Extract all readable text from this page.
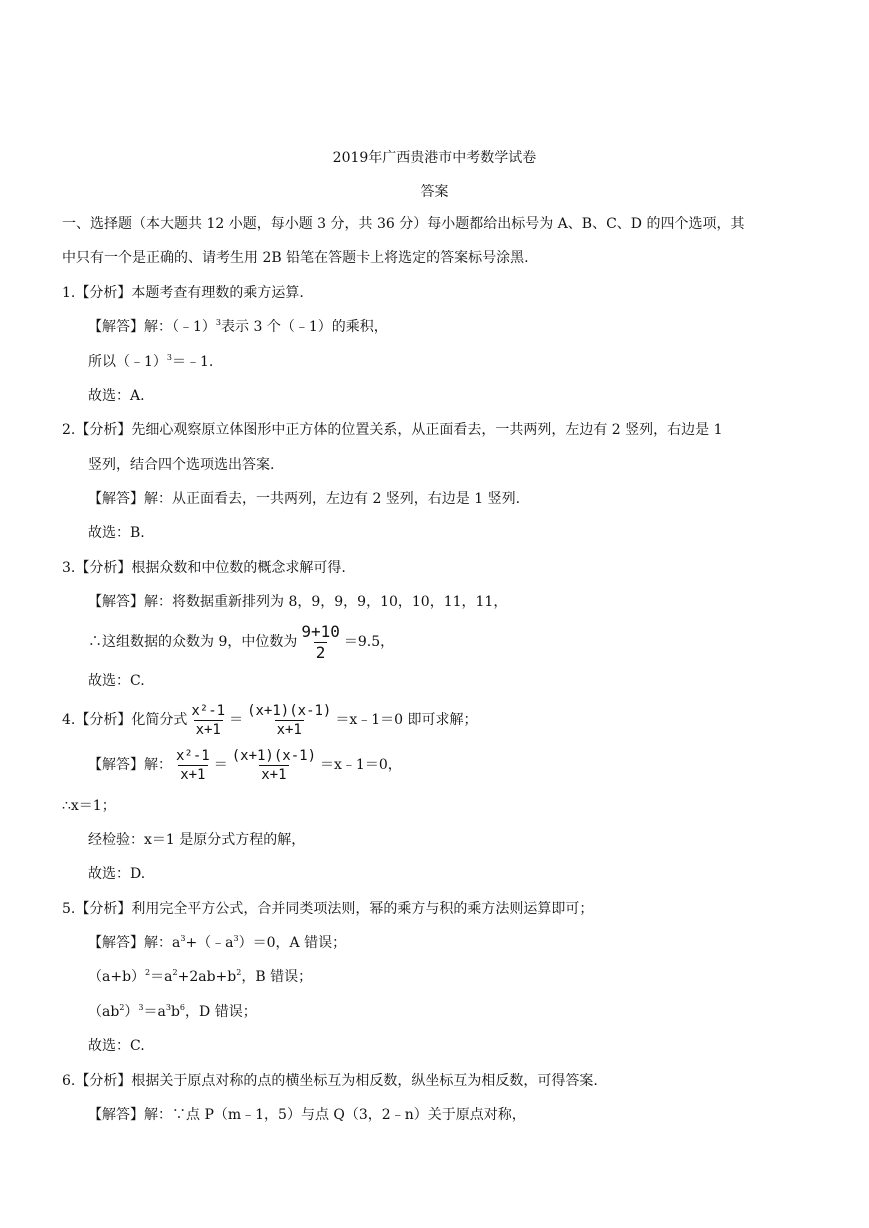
2019年广西贵港市中考数学试卷
答案
一、选择题（本大题共 12 小题，每小题 3 分，共 36 分）每小题都给出标号为 A、B、C、D 的四个选项，其
中只有一个是正确的、请考生用 2B 铅笔在答题卡上将选定的答案标号涂黑.
1.【分析】本题考查有理数的乘方运算.
【解答】解：（﹣1）$^3$表示 3 个（﹣1）的乘积，
所以（﹣1）$^3$＝﹣1.
故选：A.
2.【分析】先细心观察原立体图形中正方体的位置关系，从正面看去，一共两列，左边有 2 竖列，右边是 1
竖列，结合四个选项选出答案.
【解答】解：从正面看去，一共两列，左边有 2 竖列，右边是 1 竖列.
故选：B.
3.【分析】根据众数和中位数的概念求解可得.
【解答】解：将数据重新排列为 8，9，9，9，10，10，11，11，
∴这组数据的众数为 9，中位数为 $\frac{9+10}{2} =9.5$，
故选：C.
4.【分析】化简分式 $\frac{\text{x²-1}}{x+1} = \frac{(x+1)(x-1)}{x+1}$ ＝x﹣1＝0 即可求解；
【解答】解： $\frac{\text{x²-1}}{x+1} = \frac{(x+1)(x-1)}{x+1}$ ＝x﹣1＝0，
∴x＝1；
经检验：x＝1 是原分式方程的解，
故选：D.
5.【分析】利用完全平方公式，合并同类项法则，幂的乘方与积的乘方法则运算即可；
【解答】解：$a^3+(﹣a^3)=0$，A 错误；
$(a+b)^2=a^2+2ab+b^2$，B 错误；
$(ab^2)^3=a^3b^6$，D 错误；
故选：C.
6.【分析】根据关于原点对称的点的横坐标互为相反数，纵坐标互为相反数，可得答案.
【解答】解：∵点 P（m﹣1，5）与点 Q（3，2﹣n）关于原点对称，
